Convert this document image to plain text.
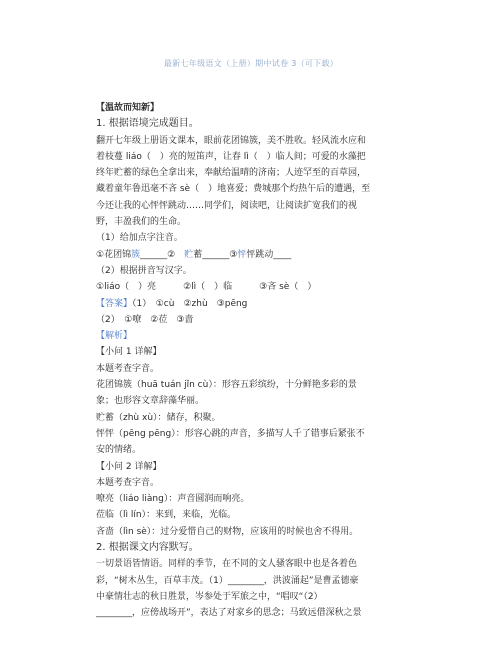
最新七年级语文（上册）期中试卷 3（可下载）

【温故而知新】

1. 根据语境完成题目。

翻开七年级上册语文课本，眼前花团锦簇，美不胜收。轻风流水应和

着枝蔓 liáo（　）亮的短笛声，让春 lì（　）临人间；可爱的水藻把

终年贮蓄的绿色全拿出来，奉献给温晴的济南；人迹罕至的百草园，

藏着童年鲁迅毫不吝 sè（　）地喜爱；费城那个灼热午后的遭遇，至

今还让我的心怦怦跳动……同学们，阅读吧，让阅读扩宽我们的视

野，丰盈我们的生命。

（1）给加点字注音。

①花团锦簇______②　贮蓄______③怦怦跳动____

（2）根据拼音写汉字。

①liáo（　）亮　　　②lì（　）临　　　③吝 sè（　）

【答案】（1）　①cù　②zhù　③pēng

（2）　①嘹　②莅　③啬

【解析】

【小问 1 详解】

本题考查字音。

花团锦簇（huā tuán jǐn cù）：形容五彩缤纷，十分鲜艳多彩的景

象；也形容文章辞藻华丽。

贮蓄（zhù xù）：储存，积聚。

怦怦（pēng pēng）：形容心跳的声音，多描写人千了错事后紧张不

安的情绪。

【小问 2 详解】

本题考查字音。

嘹亮（liáo liàng）：声音圆润而响亮。

莅临（lì lín）：来到，来临，光临。

吝啬（lìn sè）：过分爱惜自己的财物，应该用的时候也舍不得用。

2. 根据课文内容默写。

一切景语皆情语。同样的季节，在不同的文人骚客眼中也是各着色

彩，“树木丛生，百草丰茂。（1）________，洪波涌起”是曹孟德豪

中豪情壮志的秋日胜景，岑参处于军旅之中，“唱叹“（2）

________，应傍战场开”，表达了对家乡的思念；马致远借深秋之景
